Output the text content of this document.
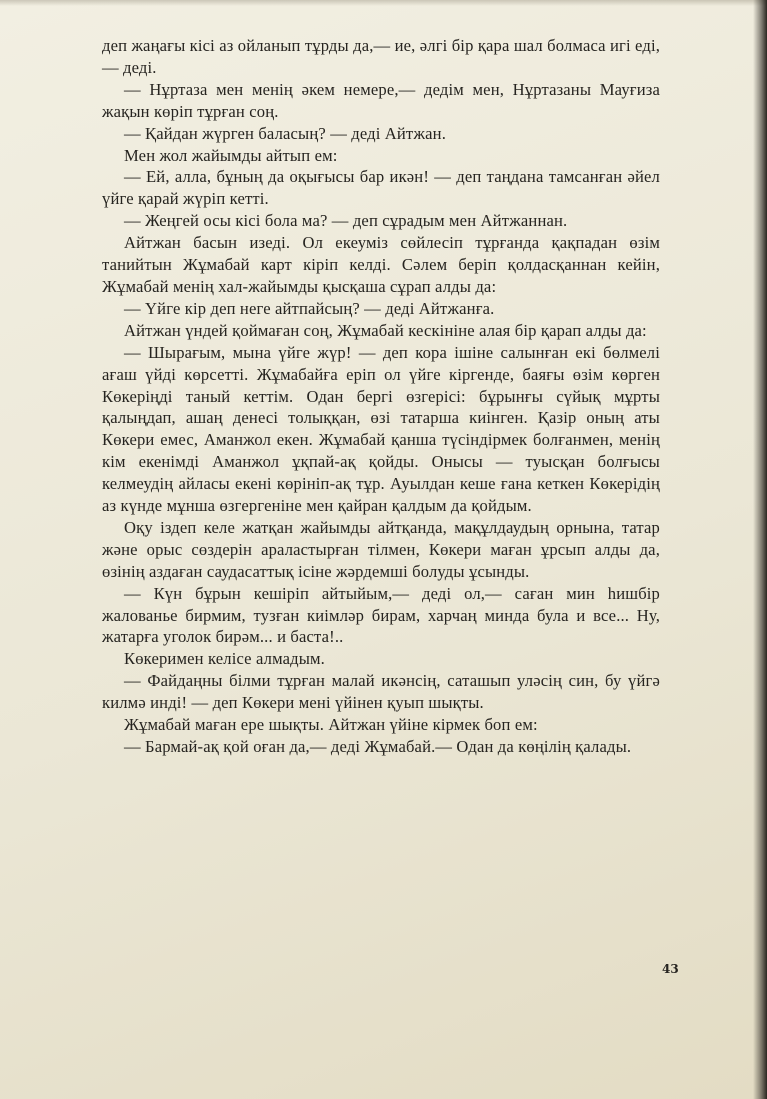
деп жаңағы кісі аз ойланып тұрды да,— ие, әлгі бір қара шал болмаса игі еді,— деді.

— Нұртаза мен менің әкем немере,— дедім мен, Нұртазаны Мауғиза жақын көріп тұрған соң.

— Қайдан жүрген баласың? — деді Айтжан.

Мен жол жайымды айтып ем:

— Ей, алла, бұның да оқығысы бар икән! — деп таңдана тамсанған әйел үйге қарай жүріп кетті.

— Жеңгей осы кісі бола ма? — деп сұрадым мен Айтжаннан.

Айтжан басын изеді. Ол екеуміз сөйлесіп тұрғанда қақпадан өзім танийтын Жұмабай карт кіріп келді. Сәлем беріп қолдасқаннан кейін, Жұмабай менің хал-жайымды қысқаша сұрап алды да:

— Үйге кір деп неге айтпайсың? — деді Айтжанға.

Айтжан үндей қоймаған соң, Жұмабай кескініне алая бір қарап алды да:

— Шырағым, мына үйге жүр! — деп кора ішіне салынған екі бөлмелі ағаш үйді көрсетті. Жұмабайға еріп ол үйге кіргенде, баяғы өзім көрген Көкеріңді таный кеттім. Одан бергі өзгерісі: бұрынғы сүйық мұрты қалыңдап, ашаң денесі толыққан, өзі татарша киінген. Қазір оның аты Көкери емес, Аманжол екен. Жұмабай қанша түсіндірмек болғанмен, менің кім екенімді Аманжол ұқпай-ақ қойды. Онысы — туысқан болғысы келмеудің айласы екені көрініп-ақ тұр. Ауылдан кеше ғана кеткен Көкерідің аз күнде мұнша өзгергеніне мен қайран қалдым да қойдым.

Оқу іздеп келе жатқан жайымды айтқанда, мақұлдаудың орнына, татар және орыс сөздерін араластырған тілмен, Көкери маған ұрсып алды да, өзінің аздаған саудасаттық ісіне жәрдемші болуды ұсынды.

— Күн бұрын кешіріп айтыйым,— деді ол,— саған мин һишбір жалованье бирмим, тузған киімләр бирам, харчаң минда була и все... Ну, жатарға уголок бирәм... и баста!..

Көкеримен келісе алмадым.

— Файдаңны білми тұрған малай икәнсің, саташып уләсің син, бу үйгә килмә инді! — деп Көкери мені үйінен қуып шықты.

Жұмабай маған ере шықты. Айтжан үйіне кірмек боп ем:

— Бармай-ақ қой оған да,— деді Жұмабай.— Одан да көңілің қалады.

43
